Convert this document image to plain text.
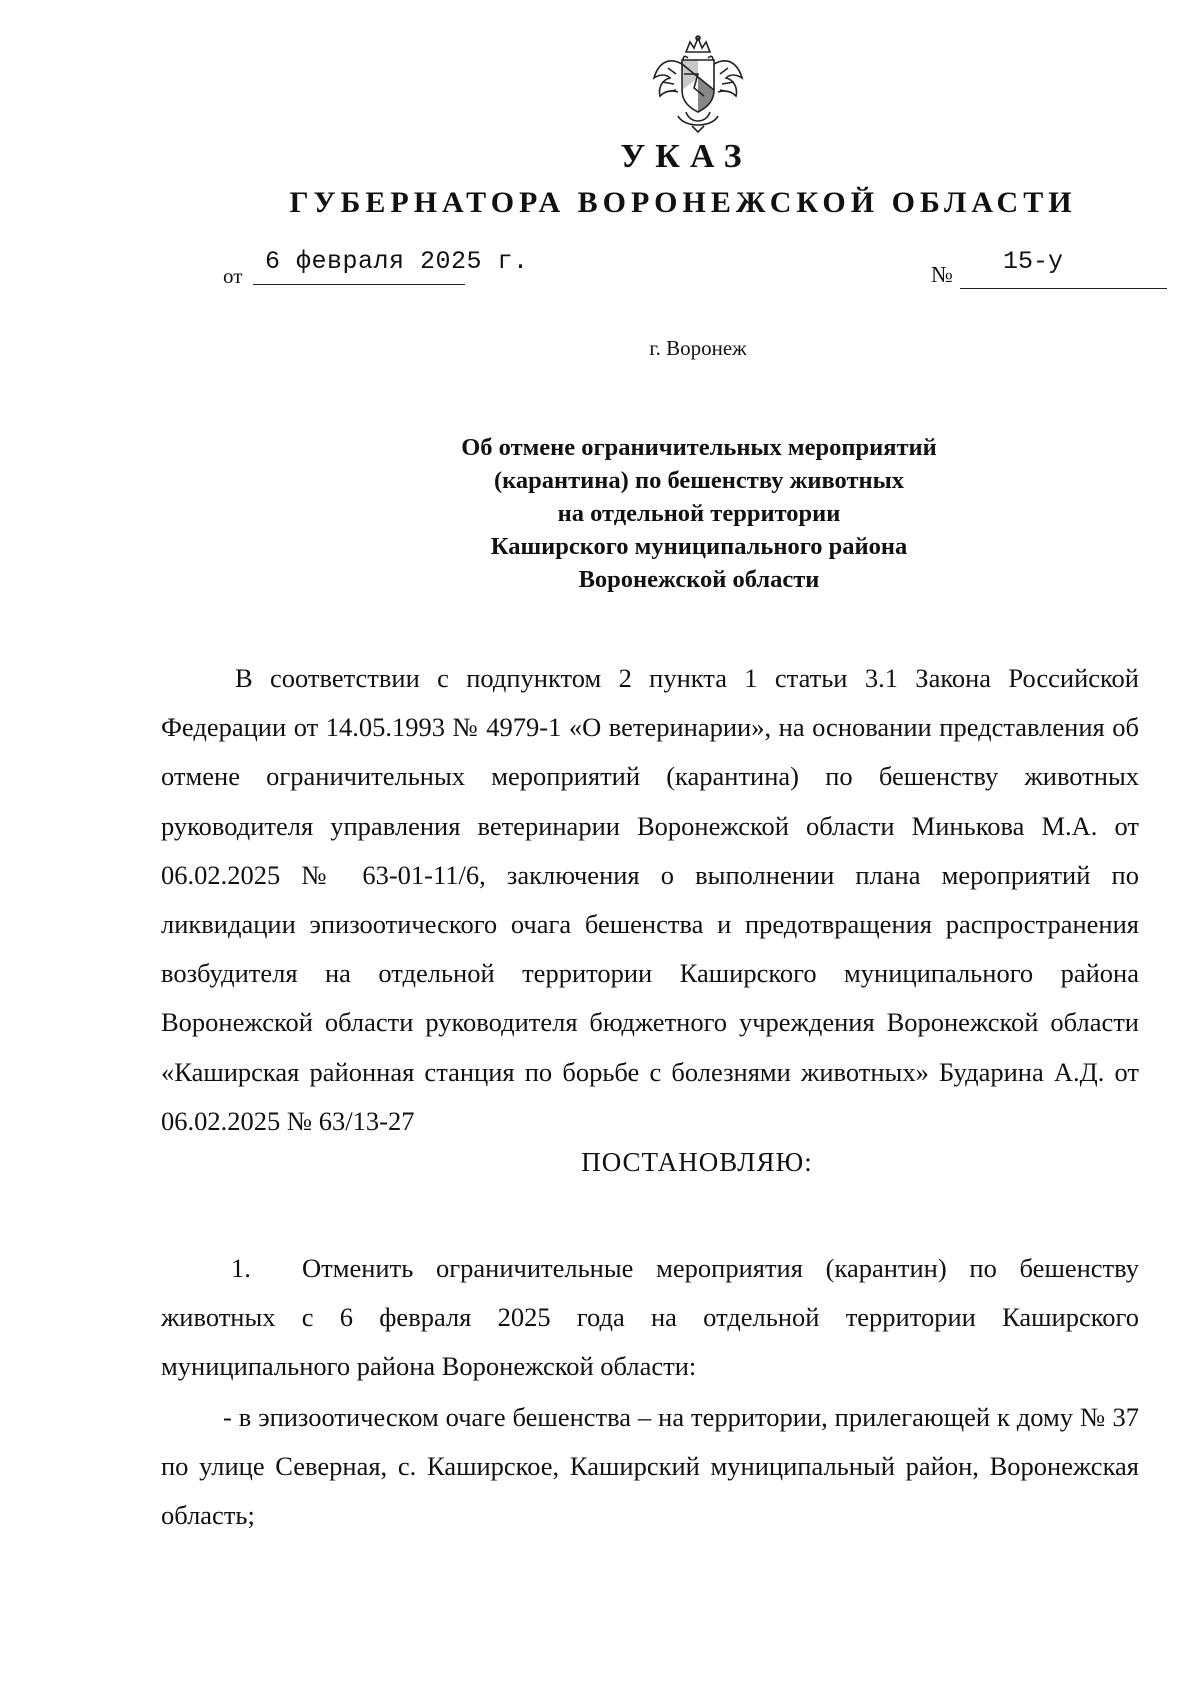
УКАЗ
ГУБЕРНАТОРА ВОРОНЕЖСКОЙ ОБЛАСТИ
от 6 февраля 2025 г.	№ 15-у
г. Воронеж
Об отмене ограничительных мероприятий
(карантина) по бешенству животных
на отдельной территории
Каширского муниципального района
Воронежской области
В соответствии с подпунктом 2 пункта 1 статьи 3.1 Закона Российской Федерации от 14.05.1993 № 4979-1 «О ветеринарии», на основании представления об отмене ограничительных мероприятий (карантина) по бешенству животных руководителя управления ветеринарии Воронежской области Минькова М.А. от 06.02.2025 № 63-01-11/6, заключения о выполнении плана мероприятий по ликвидации эпизоотического очага бешенства и предотвращения распространения возбудителя на отдельной территории Каширского муниципального района Воронежской области руководителя бюджетного учреждения Воронежской области «Каширская районная станция по борьбе с болезнями животных» Бударина А.Д. от 06.02.2025 № 63/13-27
ПОСТАНОВЛЯЮ:
1. Отменить ограничительные мероприятия (карантин) по бешенству животных с 6 февраля 2025 года на отдельной территории Каширского муниципального района Воронежской области:
- в эпизоотическом очаге бешенства – на территории, прилегающей к дому № 37 по улице Северная, с. Каширское, Каширский муниципальный район, Воронежская область;
